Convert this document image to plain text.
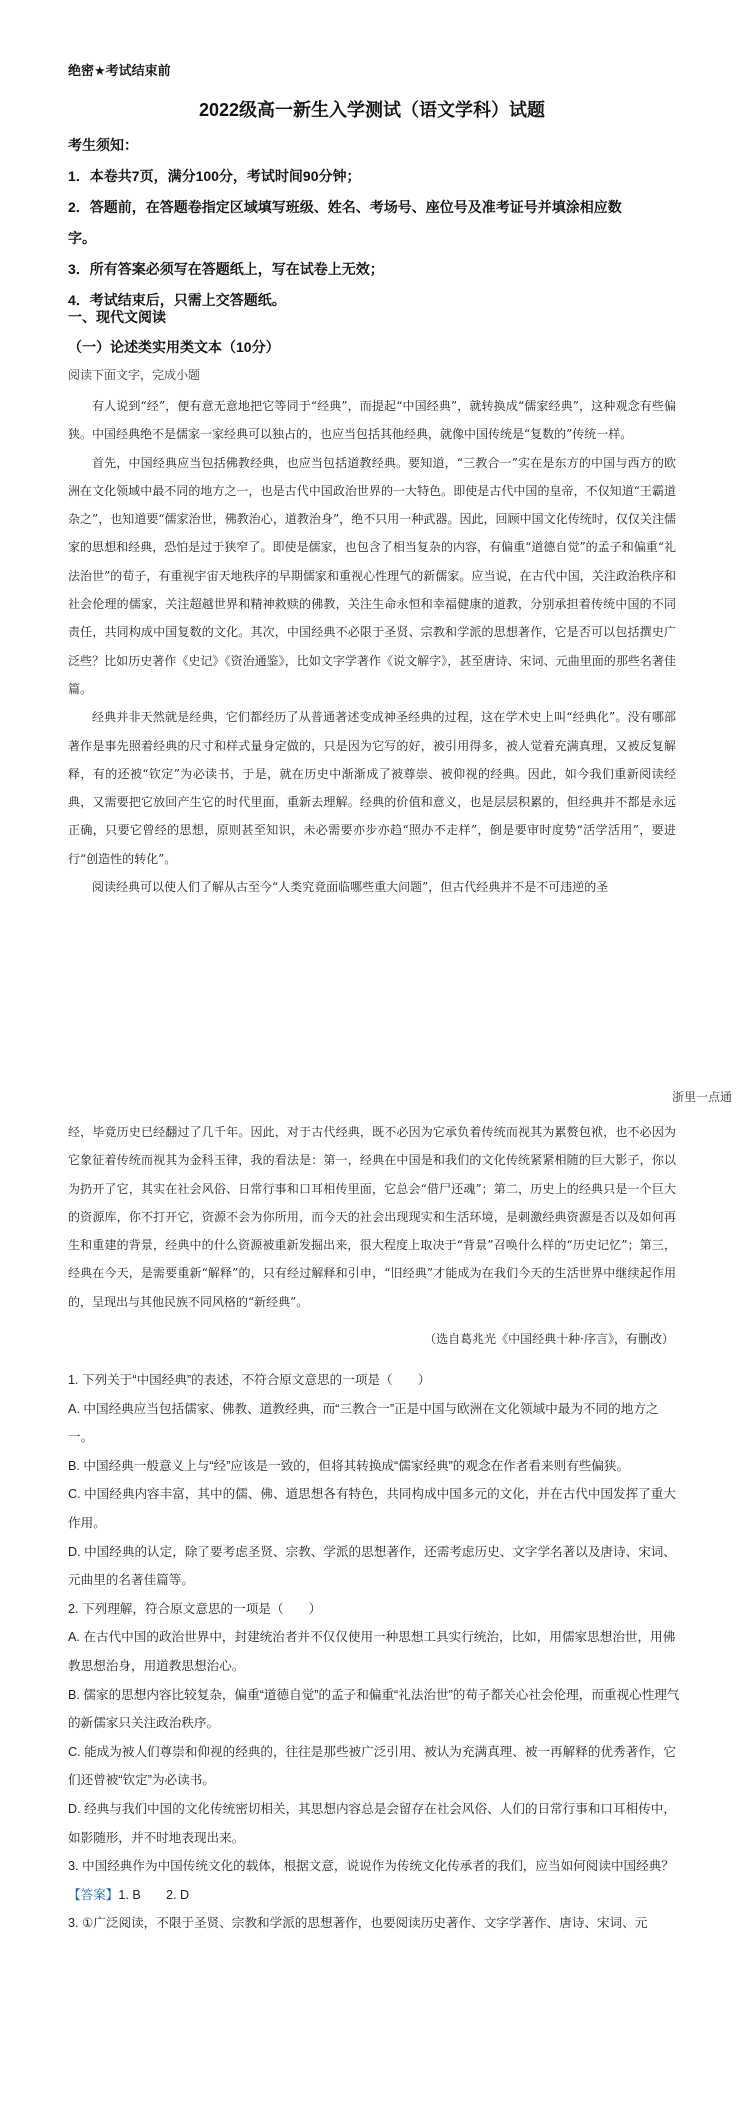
绝密★考试结束前
2022级高一新生入学测试（语文学科）试题
考生须知：
1．本卷共7页，满分100分，考试时间90分钟；
2．答题前，在答题卷指定区域填写班级、姓名、考场号、座位号及准考证号并填涂相应数
字。
3．所有答案必须写在答题纸上，写在试卷上无效；
4．考试结束后，只需上交答题纸。
一、现代文阅读
（一）论述类实用类文本（10分）
阅读下面文字，完成小题

有人说到“经”，便有意无意地把它等同于“经典”，而提起“中国经典”，就转换成“儒家经典”，这种观念有些偏狭。中国经典绝不是儒家一家经典可以独占的，也应当包括其他经典，就像中国传统是“复数的”传统一样。

首先，中国经典应当包括佛教经典，也应当包括道教经典。要知道，“三教合一”实在是东方的中国与西方的欧洲在文化领域中最不同的地方之一，也是古代中国政治世界的一大特色。即使是古代中国的皇帝，不仅知道“王霸道杂之”，也知道要“儒家治世，佛教治心，道教治身”，绝不只用一种武器。因此，回顾中国文化传统时，仅仅关注儒家的思想和经典，恐怕是过于狭窄了。即使是儒家，也包含了相当复杂的内容，有偏重“道德自觉”的孟子和偏重“礼法治世”的荀子，有重视宇宙天地秩序的早期儒家和重视心性理气的新儒家。应当说，在古代中国，关注政治秩序和社会伦理的儒家，关注超越世界和精神救赎的佛教，关注生命永恒和幸福健康的道教，分别承担着传统中国的不同责任，共同构成中国复数的文化。其次，中国经典不必限于圣贤、宗教和学派的思想著作，它是否可以包括撰史广泛些？比如历史著作《史记》《资治通鉴》，比如文字学著作《说文解字》，甚至唐诗、宋词、元曲里面的那些名著佳篇。

经典并非天然就是经典，它们都经历了从普通著述变成神圣经典的过程，这在学术史上叫“经典化”。没有哪部著作是事先照着经典的尺寸和样式量身定做的，只是因为它写的好，被引用得多，被人觉着充满真理，又被反复解释，有的还被“钦定”为必读书，于是，就在历史中渐渐成了被尊崇、被仰视的经典。因此，如今我们重新阅读经典，又需要把它放回产生它的时代里面，重新去理解。经典的价值和意义，也是层层积累的，但经典并不都是永远正确，只要它曾经的思想，原则甚至知识，未必需要亦步亦趋“照办不走样”，倒是要审时度势“活学活用”，要进行“创造性的转化”。

阅读经典可以使人们了解从古至今“人类究竟面临哪些重大问题”，但古代经典并不是不可违逆的圣

浙里一点通

经，毕竟历史已经翻过了几千年。因此，对于古代经典，既不必因为它承负着传统而视其为累赘包袱，也不必因为它象征着传统而视其为金科玉律，我的看法是：第一，经典在中国是和我们的文化传统紧紧相随的巨大影子，你以为扔开了它，其实在社会风俗、日常行事和口耳相传里面，它总会“借尸还魂”；第二，历史上的经典只是一个巨大的资源库，你不打开它，资源不会为你所用，而今天的社会出现现实和生活环境，是刺激经典资源是否以及如何再生和重建的背景，经典中的什么资源被重新发掘出来，很大程度上取决于“背景”召唤什么样的“历史记忆”；第三，经典在今天，是需要重新“解释”的，只有经过解释和引申，“旧经典”才能成为在我们今天的生活世界中继续起作用的，呈现出与其他民族不同风格的“新经典”。

（选自葛兆光《中国经典十种·序言》，有删改）
1. 下列关于“中国经典”的表述，不符合原文意思的一项是（　　）
A. 中国经典应当包括儒家、佛教、道教经典，而“三教合一”正是中国与欧洲在文化领域中最为不同的地方之一。
B. 中国经典一般意义上与“经”应该是一致的，但将其转换成“儒家经典”的观念在作者看来则有些偏狭。
C. 中国经典内容丰富，其中的儒、佛、道思想各有特色，共同构成中国多元的文化，并在古代中国发挥了重大作用。
D. 中国经典的认定，除了要考虑圣贤、宗教、学派的思想著作，还需考虑历史、文字学名著以及唐诗、宋词、元曲里的名著佳篇等。
2. 下列理解，符合原文意思的一项是（　　）
A. 在古代中国的政治世界中，封建统治者并不仅仅使用一种思想工具实行统治，比如，用儒家思想治世，用佛教思想治身，用道教思想治心。
B. 儒家的思想内容比较复杂，偏重“道德自觉”的孟子和偏重“礼法治世”的荀子都关心社会伦理，而重视心性理气的新儒家只关注政治秩序。
C. 能成为被人们尊崇和仰视的经典的，往往是那些被广泛引用、被认为充满真理、被一再解释的优秀著作，它们还曾被“钦定”为必读书。
D. 经典与我们中国的文化传统密切相关，其思想内容总是会留存在社会风俗、人们的日常行事和口耳相传中，如影随形，并不时地表现出来。
3. 中国经典作为中国传统文化的载体，根据文意，说说作为传统文化传承者的我们，应当如何阅读中国经典？
【答案】1. B　　2. D
3. ①广泛阅读，不限于圣贤、宗教和学派的思想著作，也要阅读历史著作、文字学著作、唐诗、宋词、元
